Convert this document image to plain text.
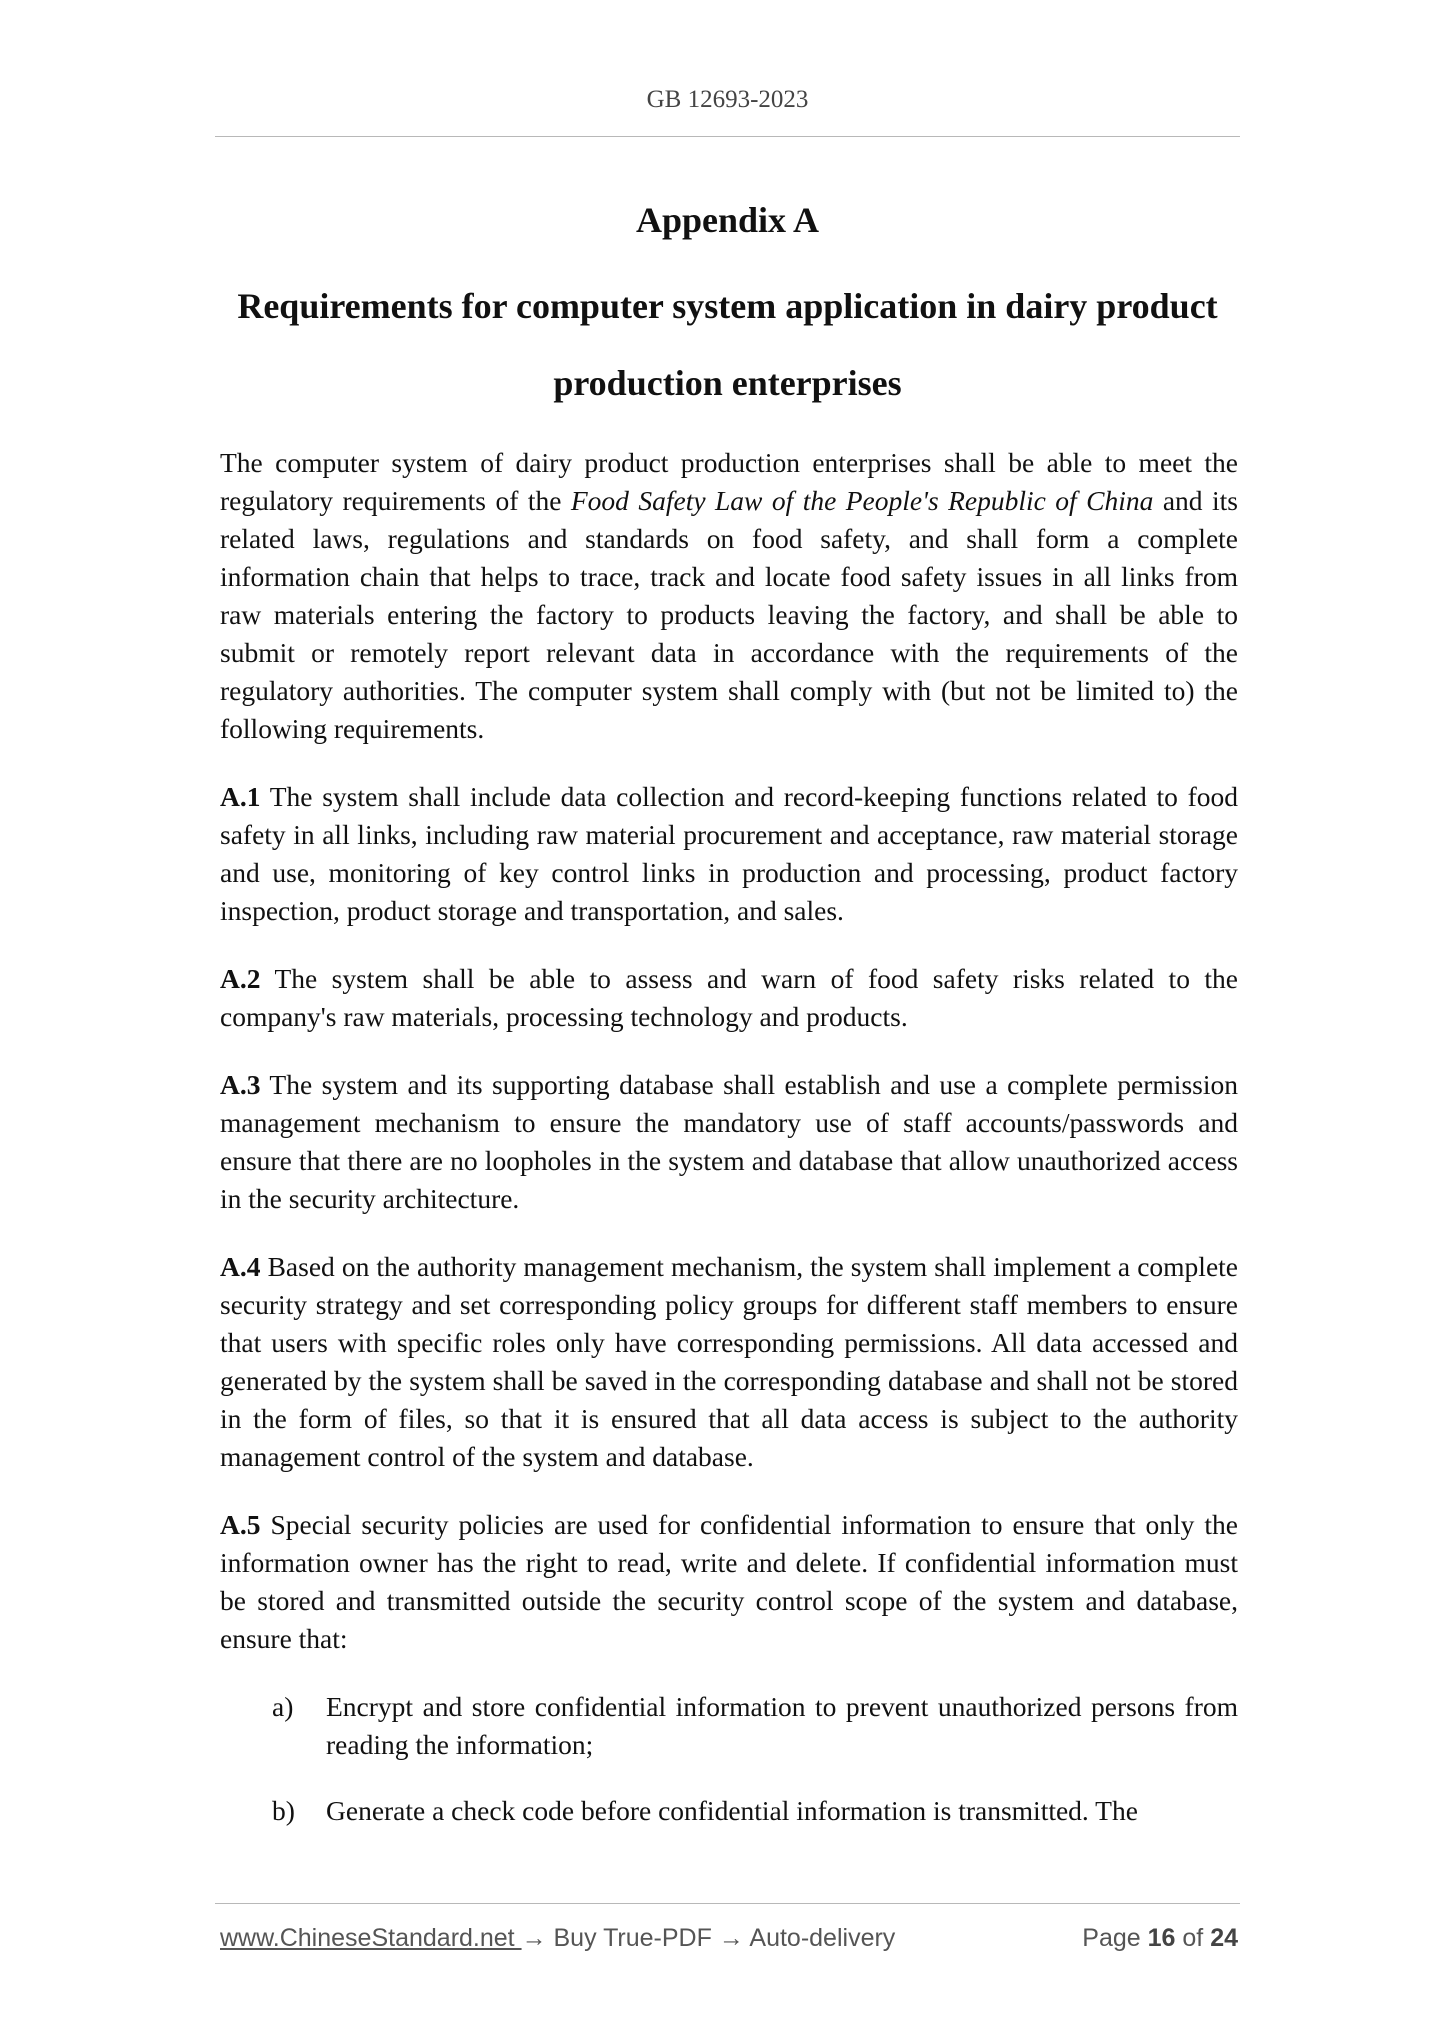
GB 12693-2023
Appendix A
Requirements for computer system application in dairy product
production enterprises

The computer system of dairy product production enterprises shall be able to meet the regulatory requirements of the Food Safety Law of the People's Republic of China and its related laws, regulations and standards on food safety, and shall form a complete information chain that helps to trace, track and locate food safety issues in all links from raw materials entering the factory to products leaving the factory, and shall be able to submit or remotely report relevant data in accordance with the requirements of the regulatory authorities. The computer system shall comply with (but not be limited to) the following requirements.

A.1 The system shall include data collection and record-keeping functions related to food safety in all links, including raw material procurement and acceptance, raw material storage and use, monitoring of key control links in production and processing, product factory inspection, product storage and transportation, and sales.

A.2 The system shall be able to assess and warn of food safety risks related to the company's raw materials, processing technology and products.

A.3 The system and its supporting database shall establish and use a complete permission management mechanism to ensure the mandatory use of staff accounts/passwords and ensure that there are no loopholes in the system and database that allow unauthorized access in the security architecture.

A.4 Based on the authority management mechanism, the system shall implement a complete security strategy and set corresponding policy groups for different staff members to ensure that users with specific roles only have corresponding permissions. All data accessed and generated by the system shall be saved in the corresponding database and shall not be stored in the form of files, so that it is ensured that all data access is subject to the authority management control of the system and database.

A.5 Special security policies are used for confidential information to ensure that only the information owner has the right to read, write and delete. If confidential information must be stored and transmitted outside the security control scope of the system and database, ensure that:

a) Encrypt and store confidential information to prevent unauthorized persons from reading the information;
b) Generate a check code before confidential information is transmitted. The
www.ChineseStandard.net → Buy True-PDF → Auto-delivery	Page 16 of 24
